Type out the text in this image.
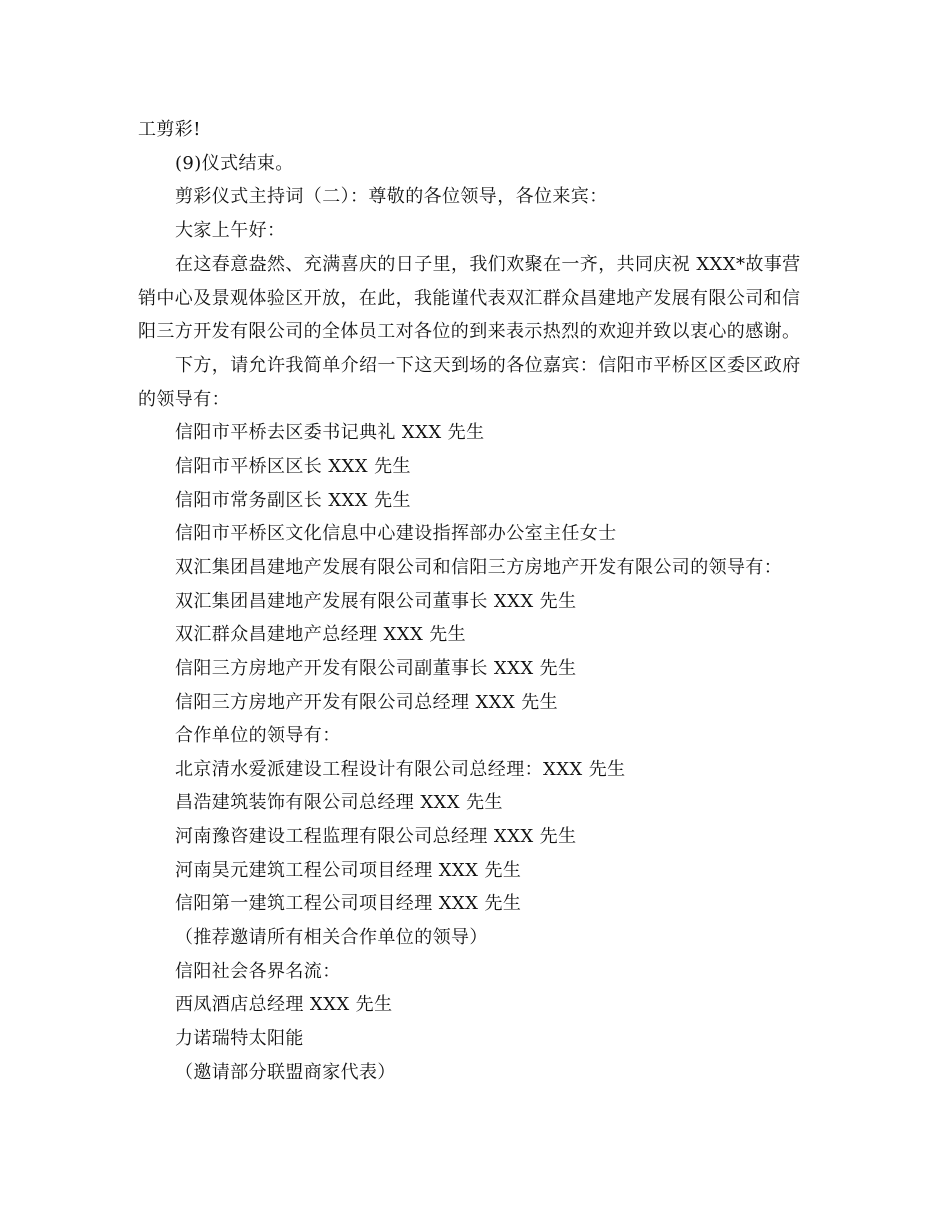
工剪彩!
(9)仪式结束。
剪彩仪式主持词（二）：尊敬的各位领导，各位来宾：
大家上午好：
在这春意盎然、充满喜庆的日子里，我们欢聚在一齐，共同庆祝 XXX*故事营
销中心及景观体验区开放，在此，我能谨代表双汇群众昌建地产发展有限公司和信
阳三方开发有限公司的全体员工对各位的到来表示热烈的欢迎并致以衷心的感谢。
下方，请允许我简单介绍一下这天到场的各位嘉宾：信阳市平桥区区委区政府
的领导有：
信阳市平桥去区委书记典礼 XXX 先生
信阳市平桥区区长 XXX 先生
信阳市常务副区长 XXX 先生
信阳市平桥区文化信息中心建设指挥部办公室主任女士
双汇集团昌建地产发展有限公司和信阳三方房地产开发有限公司的领导有：
双汇集团昌建地产发展有限公司董事长 XXX 先生
双汇群众昌建地产总经理 XXX 先生
信阳三方房地产开发有限公司副董事长 XXX 先生
信阳三方房地产开发有限公司总经理 XXX 先生
合作单位的领导有：
北京清水爱派建设工程设计有限公司总经理：XXX 先生
昌浩建筑装饰有限公司总经理 XXX 先生
河南豫咨建设工程监理有限公司总经理 XXX 先生
河南昊元建筑工程公司项目经理 XXX 先生
信阳第一建筑工程公司项目经理 XXX 先生
（推荐邀请所有相关合作单位的领导）
信阳社会各界名流：
西凤酒店总经理 XXX 先生
力诺瑞特太阳能
（邀请部分联盟商家代表）
